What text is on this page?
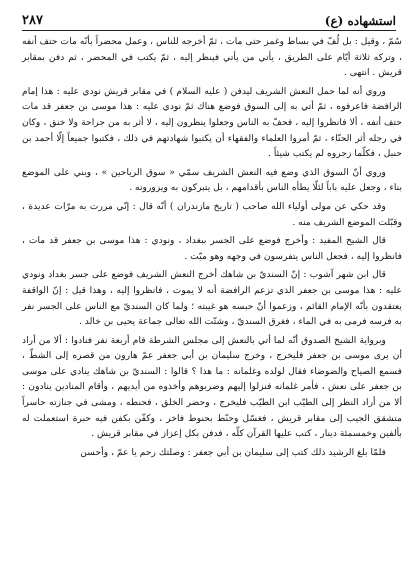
استشهاده (ع)
٢٨٧

سُمّ ، وقيل : بل لُفّ في بساط وغمز حتى مات ، ثمّ أخرجه للناس ، وعمل محضراً بأنّه مات حتف أنفه ، وتركه ثلاثة أيّام على الطريق ، يأتي من يأتي فينظر إليه ، ثمّ يكتب في المحضر ، ثم دفن بمقابر قريش . انتهى .

وروي أنه لما حمل النعش الشريف ليدفن ( عليه السلام ) في مقابر قريش نودي عليه : هذا إمام الرافضة فاعرفوه ، ثمّ أتي به إلى السوق فوضع هناك ثمّ نودي عليه : هذا موسى بن جعفر قد مات حتف أنفه ، ألا فانظروا إليه ، فحفّ به الناس وجعلوا ينظرون إليه ، لا أثر به من جراحة ولا خنق ، وكان في رجله أثر الحنّاء ، ثمّ أمروا العلماء والفقهاء أن يكتبوا شهادتهم في ذلك ، فكتبوا جميعاً إلّا أحمد بن حنبل ، فكلّما زجروه لم يكتب شيئاً .

وروي أنّ السوق الذي وضع فيه النعش الشريف سمّي « سوق الرياحين » ، وبني على الموضع بناء ، وجعل عليه باباً لئلّا يطأه الناس بأقدامهم ، بل يتبركون به ويزورونه .

وقد حكي عن مولى أولياء الله صاحب ( تاريخ مازندران ) أنّه قال : إنّي مررت به مرّات عديدة ، وقبّلت الموضع الشريف منه .

قال الشيخ المفيد : وأخرج فوضع على الجسر ببغداد ، ونودي : هذا موسى بن جعفر قد مات ، فانظروا إليه ، فجعل الناس يتفرسون في وجهه وهو ميّت .

قال ابن شهر آشوب : إنّ السنديّ بن شاهك أخرج النعش الشريف فوضع على جسر بغداد ونودي عليه : هذا موسى بن جعفر الذي تزعم الرافضة أنه لا يموت ، فانظروا إليه ، وهذا قيل : إنّ الواقفة يعتقدون بأنّه الإمام القائم ، وزعموا أنّ حبسه هو غيبته ؛ ولما كان السنديّ مع الناس على الجسر نفر به فرسه فرمى به في الماء ، فغرق السنديّ ، وشتّت الله تعالى جماعة يحيى بن خالد .

وبرواية الشيخ الصدوق أنّه لما أتي بالنعش إلى مجلس الشرطة قام أربعة نفر فنادوا : ألا من أراد أن يرى موسى بن جعفر فليخرج ، وخرج سليمان بن أبي جعفر عمّ هارون من قصره إلى الشطّ ، فسمع الصياح والضوضاء فقال لولده وغلمانه : ما هذا ؟ قالوا : السنديّ بن شاهك ينادي على موسى بن جعفر على نعش ، فأمر غلمانه فنزلوا إليهم وضربوهم وأخذوه من أيديهم ، وأقام المنادين ينادون : ألا من أراد النظر إلى الطيّب ابن الطيّب فليخرج ، وحضر الخلق ، فحنطه ، ومشى في جنازته حاسراً متشقق الجيب إلى مقابر قريش ، فغسّل وحنّط بحنوط فاخر ، وكفّن بكفن فيه حبرة استعملت له بألفين وخمسمئة دينار ، كتب عليها القرآن كلّه ، فدفن بكل إعزاز في مقابر قريش .

فلمّا بلغ الرشيد ذلك كتب إلى سليمان بن أبي جعفر : وصلتك رحم يا عمّ ، وأحسن
